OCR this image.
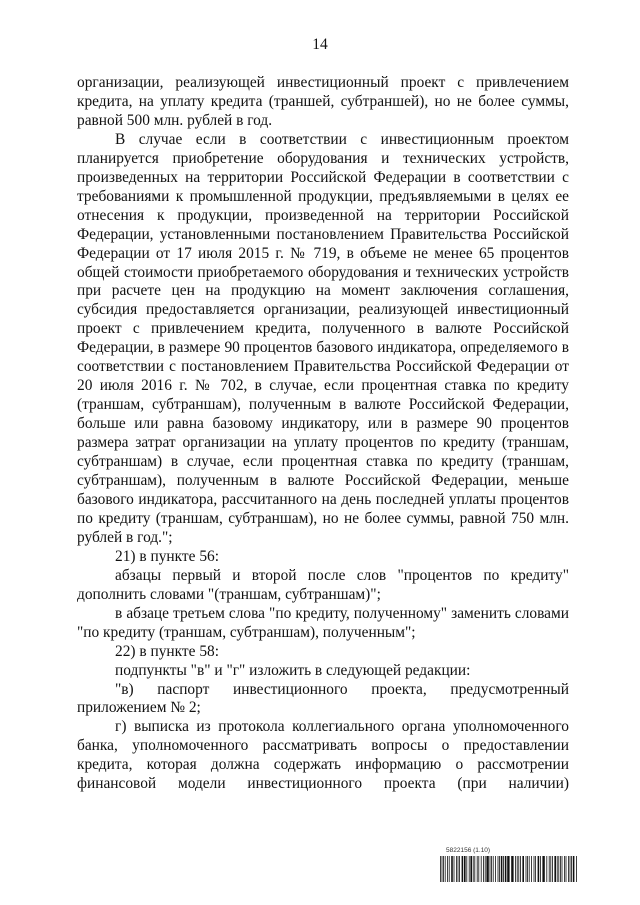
14

организации, реализующей инвестиционный проект с привлечением кредита, на уплату кредита (траншей, субтраншей), но не более суммы, равной 500 млн. рублей в год.

В случае если в соответствии с инвестиционным проектом планируется приобретение оборудования и технических устройств, произведенных на территории Российской Федерации в соответствии с требованиями к промышленной продукции, предъявляемыми в целях ее отнесения к продукции, произведенной на территории Российской Федерации, установленными постановлением Правительства Российской Федерации от 17 июля 2015 г. № 719, в объеме не менее 65 процентов общей стоимости приобретаемого оборудования и технических устройств при расчете цен на продукцию на момент заключения соглашения, субсидия предоставляется организации, реализующей инвестиционный проект с привлечением кредита, полученного в валюте Российской Федерации, в размере 90 процентов базового индикатора, определяемого в соответствии с постановлением Правительства Российской Федерации от 20 июля 2016 г. № 702, в случае, если процентная ставка по кредиту (траншам, субтраншам), полученным в валюте Российской Федерации, больше или равна базовому индикатору, или в размере 90 процентов размера затрат организации на уплату процентов по кредиту (траншам, субтраншам) в случае, если процентная ставка по кредиту (траншам, субтраншам), полученным в валюте Российской Федерации, меньше базового индикатора, рассчитанного на день последней уплаты процентов по кредиту (траншам, субтраншам), но не более суммы, равной 750 млн. рублей в год.";

21) в пункте 56:

абзацы первый и второй после слов "процентов по кредиту" дополнить словами "(траншам, субтраншам)";

в абзаце третьем слова "по кредиту, полученному" заменить словами "по кредиту (траншам, субтраншам), полученным";

22) в пункте 58:

подпункты "в" и "г" изложить в следующей редакции:

"в) паспорт инвестиционного проекта, предусмотренный приложением № 2;

г) выписка из протокола коллегиального органа уполномоченного банка, уполномоченного рассматривать вопросы о предоставлении кредита, которая должна содержать информацию о рассмотрении финансовой модели инвестиционного проекта (при наличии)

5822156 (1.10)
